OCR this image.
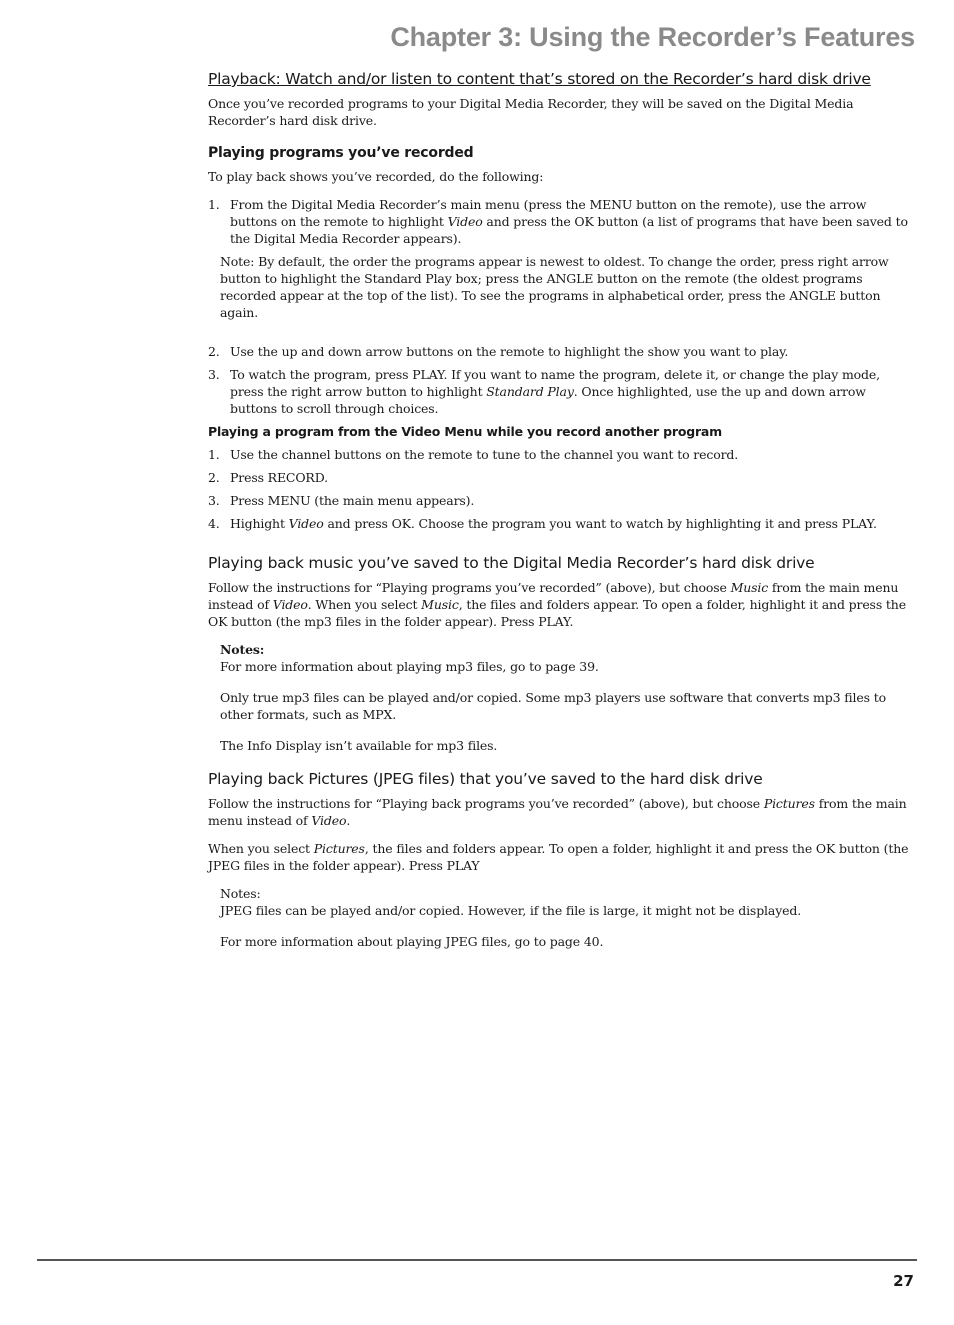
Chapter 3: Using the Recorder’s Features
Playback: Watch and/or listen to content that’s stored on the Recorder’s hard disk drive

Once you’ve recorded programs to your Digital Media Recorder, they will be saved on the Digital Media Recorder’s hard disk drive.

Playing programs you’ve recorded

To play back shows you’ve recorded, do the following:

1. From the Digital Media Recorder’s main menu (press the MENU button on the remote), use the arrow buttons on the remote to highlight Video and press the OK button (a list of programs that have been saved to the Digital Media Recorder appears).

Note: By default, the order the programs appear is newest to oldest. To change the order, press right arrow button to highlight the Standard Play box; press the ANGLE button on the remote (the oldest programs recorded appear at the top of the list). To see the programs in alphabetical order, press the ANGLE button again.

2. Use the up and down arrow buttons on the remote to highlight the show you want to play.
3. To watch the program, press PLAY. If you want to name the program, delete it, or change the play mode, press the right arrow button to highlight Standard Play. Once highlighted, use the up and down arrow buttons to scroll through choices.
Playing a program from the Video Menu while you record another program
1. Use the channel buttons on the remote to tune to the channel you want to record.
2. Press RECORD.
3. Press MENU (the main menu appears).
4. Highight Video and press OK. Choose the program you want to watch by highlighting it and press PLAY.
Playing back music you’ve saved to the Digital Media Recorder’s hard disk drive

Follow the instructions for “Playing programs you’ve recorded” (above), but choose Music from the main menu instead of Video. When you select Music, the files and folders appear. To open a folder, highlight it and press the OK button (the mp3 files in the folder appear). Press PLAY.

Notes:

For more information about playing mp3 files, go to page 39.

Only true mp3 files can be played and/or copied. Some mp3 players use software that converts mp3 files to other formats, such as MPX.

The Info Display isn’t available for mp3 files.

Playing back Pictures (JPEG files) that you’ve saved to the hard disk drive

Follow the instructions for “Playing back programs you’ve recorded” (above), but choose Pictures from the main menu instead of Video.

When you select Pictures, the files and folders appear. To open a folder, highlight it and press the OK button (the JPEG files in the folder appear). Press PLAY

Notes:

JPEG files can be played and/or copied. However, if the file is large, it might not be displayed.

For more information about playing JPEG files, go to page 40.

27
